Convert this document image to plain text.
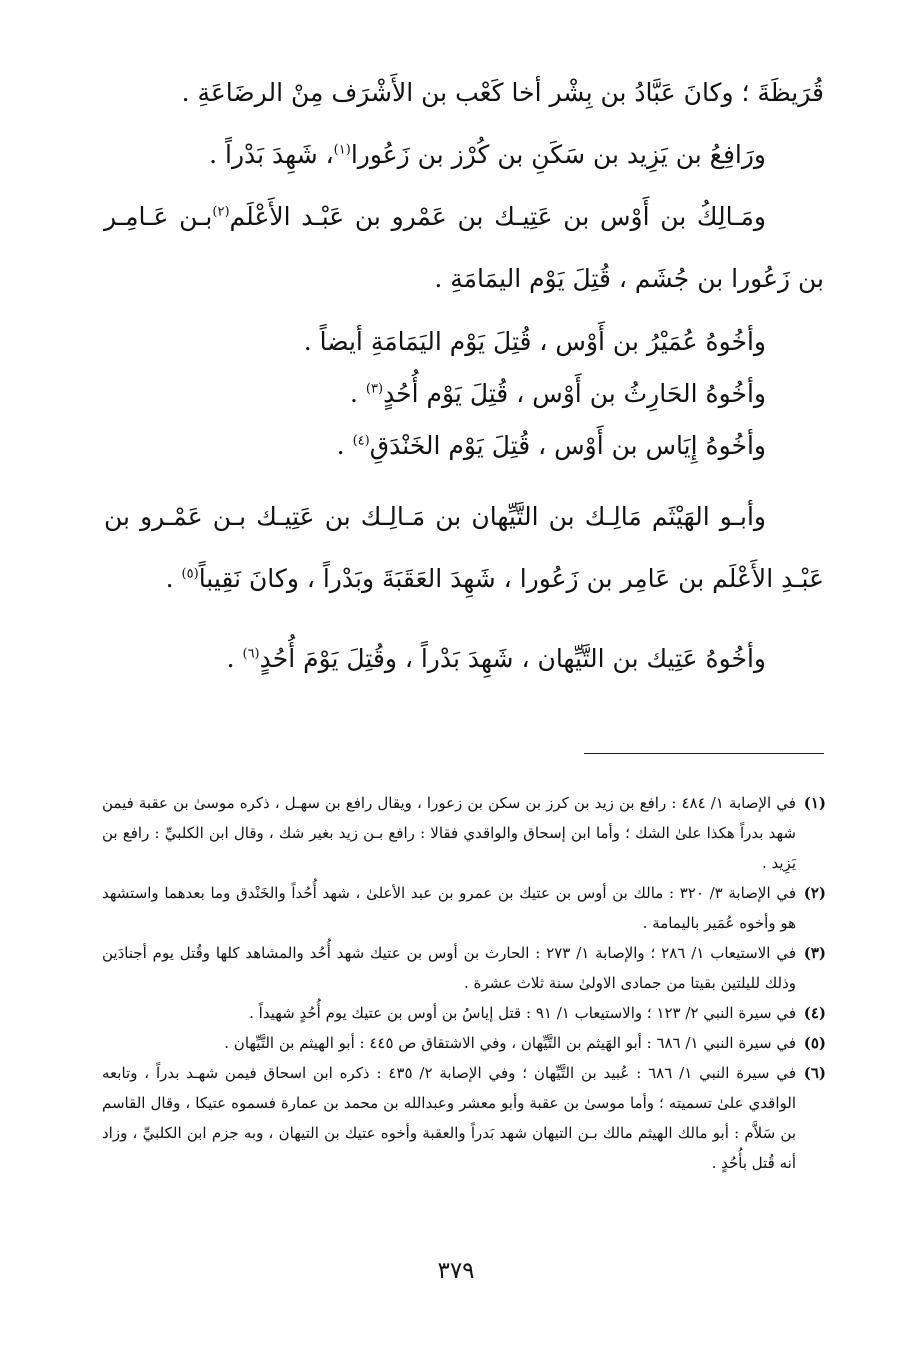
قُرَيظَةَ ؛ وكانَ عَبَّادُ بن بِشْر أخا كَعْب بن الأَشْرَف مِنْ الرضَاعَةِ .

ورَافِعُ بن يَزِيد بن سَكَنِ بن كُرْز بن زَعُورا$^{(١)}$، شَهِدَ بَدْراً .

ومَـالِكُ بن أَوْس بن عَتِيـك بن عَمْرو بن عَبْـد الأَعْلَم$^{(٢)}$بـن عَـامِـر بن زَعُورا بن جُشَم ، قُتِلَ يَوْم اليمَامَةِ .

وأخُوهُ عُمَيْرُ بن أَوْس ، قُتِلَ يَوْم اليَمَامَةِ أيضاً .

وأخُوهُ الحَارِثُ بن أَوْس ، قُتِلَ يَوْم أُحُدٍ$^{(٣)}$ .

وأخُوهُ إِيَاس بن أَوْس ، قُتِلَ يَوْم الخَنْدَقِ$^{(٤)}$ .

وأبـو الهَيْثَم مَالِـك بن التَّيِّهان بن مَـالِـك بن عَتِيـك بـن عَمْـرو بن عَبْـدِ الأَعْلَم بن عَامِر بن زَعُورا ، شَهِدَ العَقَبَةَ وبَدْراً ، وكانَ نَقِيباً$^{(٥)}$ .

وأخُوهُ عَتِيك بن التَّيِّهان ، شَهِدَ بَدْراً ، وقُتِلَ يَوْمَ أُحُدٍ$^{(٦)}$ .

(١)
في الإصابة ١/ ٤٨٤ : رافع بن زيد بن كرز بن سكن بن زعورا ، ويقال رافع بن سهـل ، ذكره موسىٰ بن عقبة فيمن شهد بدراً هكذا علىٰ الشك ؛ وأما ابن إسحاق والواقدي فقالا : رافع بـن زيد بغير شك ، وقال ابن الكلبيِّ : رافع بن يَزِيد .

(٢)
في الإصابة ٣/ ٣٢٠ : مالك بن أوس بن عتيك بن عمرو بن عبد الأعلىٰ ، شهد أُحُداً والخَنْدق وما بعدهما واستشهد هو وأخوه عُمَير باليمامة .

(٣)
في الاستيعاب ١/ ٢٨٦ ؛ والإصابة ١/ ٢٧٣ : الحارث بن أوس بن عتيك شهد أُحُد والمشاهد كلها وقُتل يوم أجنادَين وذلك لليلتين بقيتا من جمادى الاولىٰ سنة ثلاث عشرة .

(٤)
في سيرة النبي ٢/ ١٢٣ ؛ والاستيعاب ١/ ٩١ : قتل إياسُ بن أوس بن عتيك يوم أُحُدٍ شهيداً .

(٥)
في سيرة النبي ١/ ٦٨٦ : أبو الهَيثم بن التَّيِّهان ، وفي الاشتقاق ص ٤٤٥ : أبو الهيثم بن التَّيِّهان .

(٦)
في سيرة النبي ١/ ٦٨٦ : عُبيد بن التَّيِّهان ؛ وفي الإصابة ٢/ ٤٣٥ : ذكره ابن اسحاق فيمن شهـد بدراً ، وتابعه الواقدي علىٰ تسميته ؛ وأما موسىٰ بن عقبة وأبو معشر وعبدالله بن محمد بن عمارة فسموه عتيكا ، وقال القاسم بن سَلاَّم : أبو مالك الهيثم مالك بـن التيهان شهد بَدراً والعقبة وأخوه عتيك بن التيهان ، وبه جزم ابن الكلبيِّ ، وزاد أنه قُتل بأُحُدٍ .

٣٧٩
